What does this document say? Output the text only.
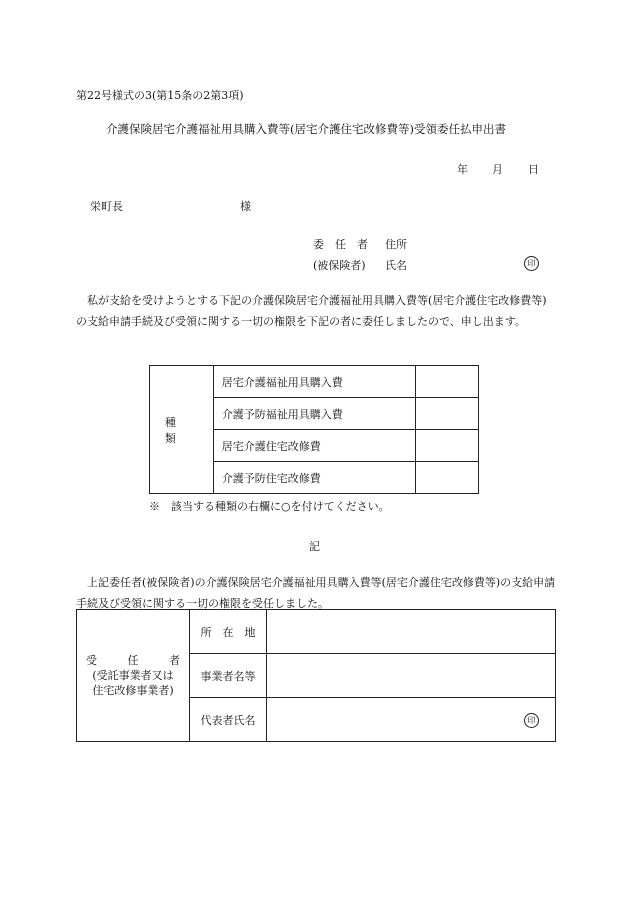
第22号様式の3(第15条の2第3項)
介護保険居宅介護福祉用具購入費等(居宅介護住宅改修費等)受領委任払申出書
年 月 日
栄町長	様
委　任　者 住所
(被保険者) 氏名	印
私が支給を受けようとする下記の介護保険居宅介護福祉用具購入費等(居宅介護住宅改修費等)の支給申請手続及び受領に関する一切の権限を下記の者に委任しましたので、申し出ます。
種類	居宅介護福祉用具購入費	
	介護予防福祉用具購入費	
	居宅介護住宅改修費	
	介護予防住宅改修費	
※　該当する種類の右欄に○を付けてください。
記
上記委任者(被保険者)の介護保険居宅介護福祉用具購入費等(居宅介護住宅改修費等)の支給申請手続及び受領に関する一切の権限を受任しました。
受任者
(受託事業者又は
住宅改修事業者)	所　在　地	
	事業者名等	
	代表者氏名	印
